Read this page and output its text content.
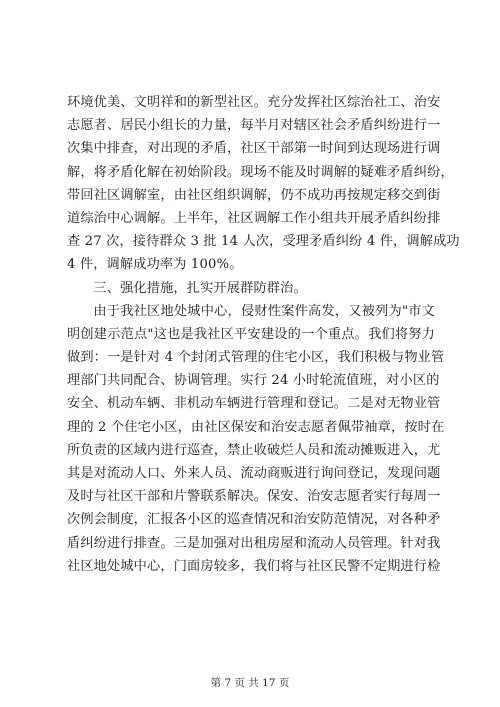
环境优美、文明祥和的新型社区。充分发挥社区综治社工、治安
志愿者、居民小组长的力量，每半月对辖区社会矛盾纠纷进行一
次集中排查，对出现的矛盾，社区干部第一时间到达现场进行调
解，将矛盾化解在初始阶段。现场不能及时调解的疑难矛盾纠纷，
带回社区调解室，由社区组织调解，仍不成功再按规定移交到街
道综治中心调解。上半年，社区调解工作小组共开展矛盾纠纷排
查 27 次，接待群众 3 批 14 人次，受理矛盾纠纷 4 件，调解成功
4 件，调解成功率为 100%。
三、强化措施，扎实开展群防群治。
由于我社区地处城中心，侵财性案件高发，又被列为"市文
明创建示范点"这也是我社区平安建设的一个重点。我们将努力
做到：一是针对 4 个封闭式管理的住宅小区，我们积极与物业管
理部门共同配合、协调管理。实行 24 小时轮流值班，对小区的
安全、机动车辆、非机动车辆进行管理和登记。二是对无物业管
理的 2 个住宅小区，由社区保安和治安志愿者佩带袖章，按时在
所负责的区域内进行巡查，禁止收破烂人员和流动摊贩进入，尤
其是对流动人口、外来人员、流动商贩进行询问登记，发现问题
及时与社区干部和片警联系解决。保安、治安志愿者实行每周一
次例会制度，汇报各小区的巡查情况和治安防范情况，对各种矛
盾纠纷进行排查。三是加强对出租房屋和流动人员管理。针对我
社区地处城中心，门面房较多，我们将与社区民警不定期进行检
第 7 页 共 17 页
